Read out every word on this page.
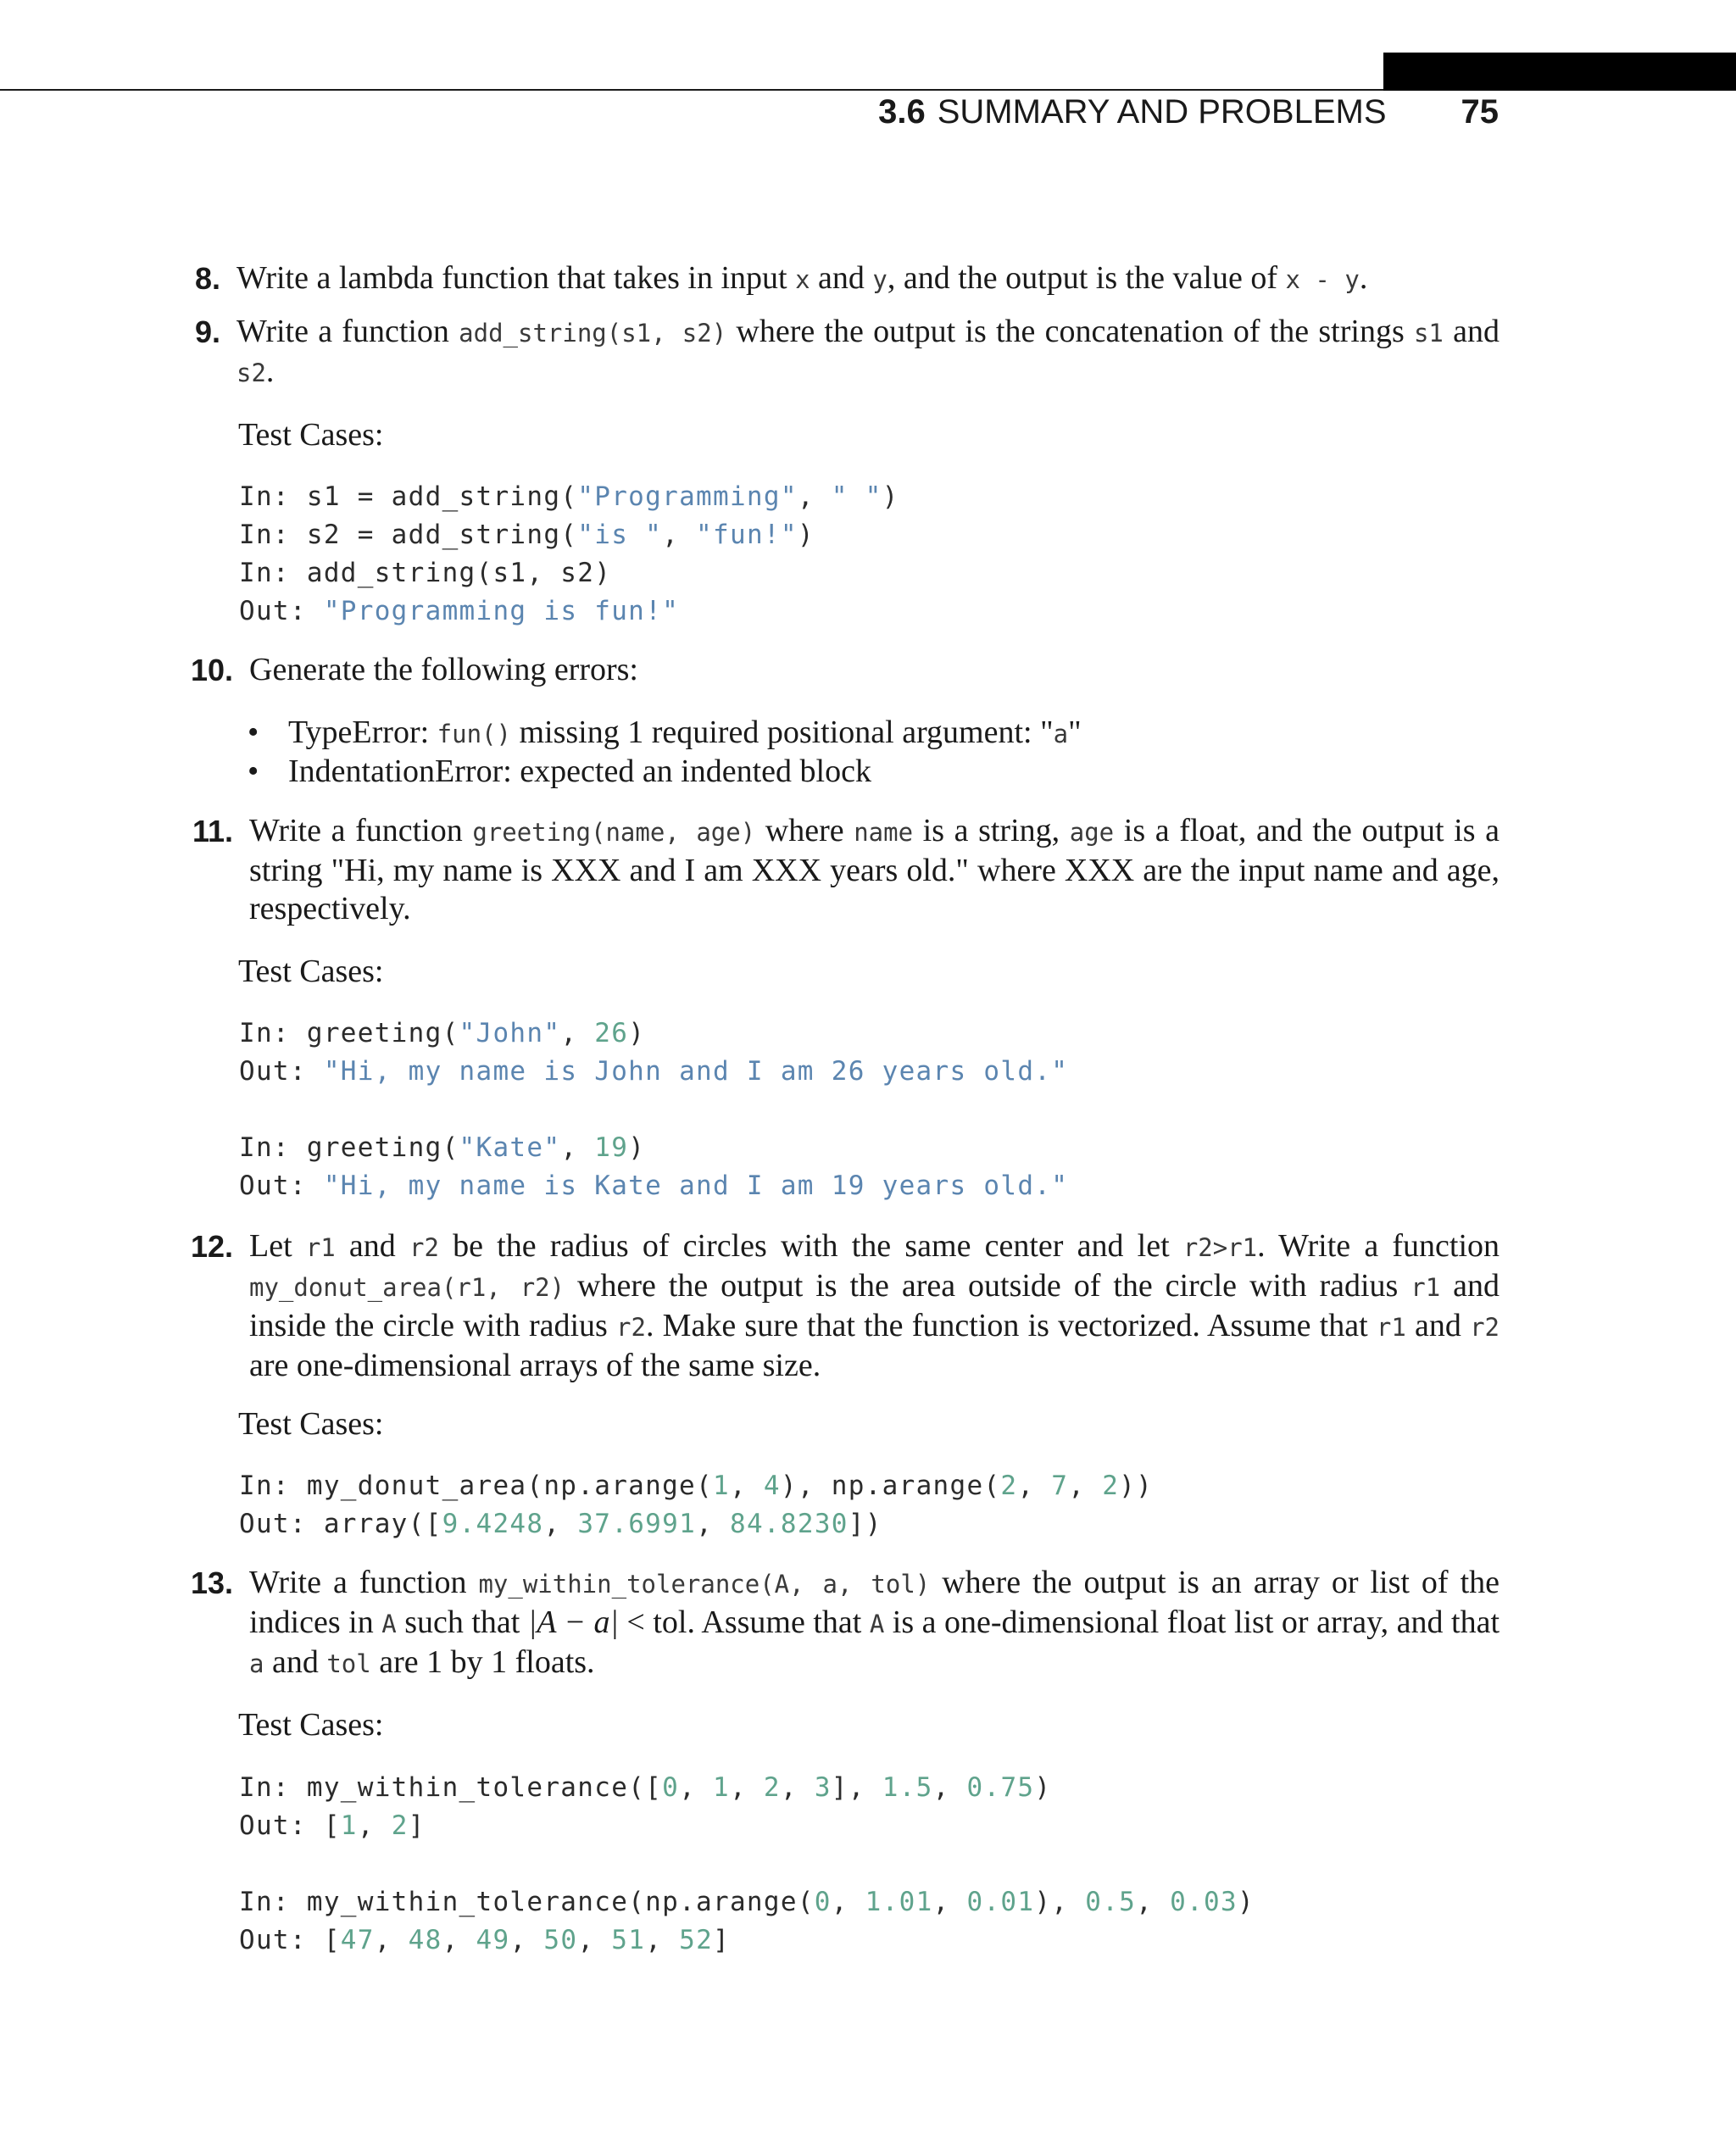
3.6 SUMMARY AND PROBLEMS 75
8. Write a lambda function that takes in input x and y, and the output is the value of x - y.
9. Write a function add_string(s1, s2) where the output is the concatenation of the strings s1 and s2.
Test Cases:
In: s1 = add_string("Programming", " ")
In: s2 = add_string("is ", "fun!")
In: add_string(s1, s2)
Out: "Programming is fun!"
10. Generate the following errors:
• TypeError: fun() missing 1 required positional argument: "a"
• IndentationError: expected an indented block
11. Write a function greeting(name, age) where name is a string, age is a float, and the output is a string "Hi, my name is XXX and I am XXX years old." where XXX are the input name and age, respectively.
Test Cases:
In: greeting("John", 26)
Out: "Hi, my name is John and I am 26 years old."

In: greeting("Kate", 19)
Out: "Hi, my name is Kate and I am 19 years old."
12. Let r1 and r2 be the radius of circles with the same center and let r2>r1. Write a function my_donut_area(r1, r2) where the output is the area outside of the circle with radius r1 and inside the circle with radius r2. Make sure that the function is vectorized. Assume that r1 and r2 are one-dimensional arrays of the same size.
Test Cases:
In: my_donut_area(np.arange(1, 4), np.arange(2, 7, 2))
Out: array([9.4248, 37.6991, 84.8230])
13. Write a function my_within_tolerance(A, a, tol) where the output is an array or list of the indices in A such that |A − a| < tol. Assume that A is a one-dimensional float list or array, and that a and tol are 1 by 1 floats.
Test Cases:
In: my_within_tolerance([0, 1, 2, 3], 1.5, 0.75)
Out: [1, 2]

In: my_within_tolerance(np.arange(0, 1.01, 0.01), 0.5, 0.03)
Out: [47, 48, 49, 50, 51, 52]
